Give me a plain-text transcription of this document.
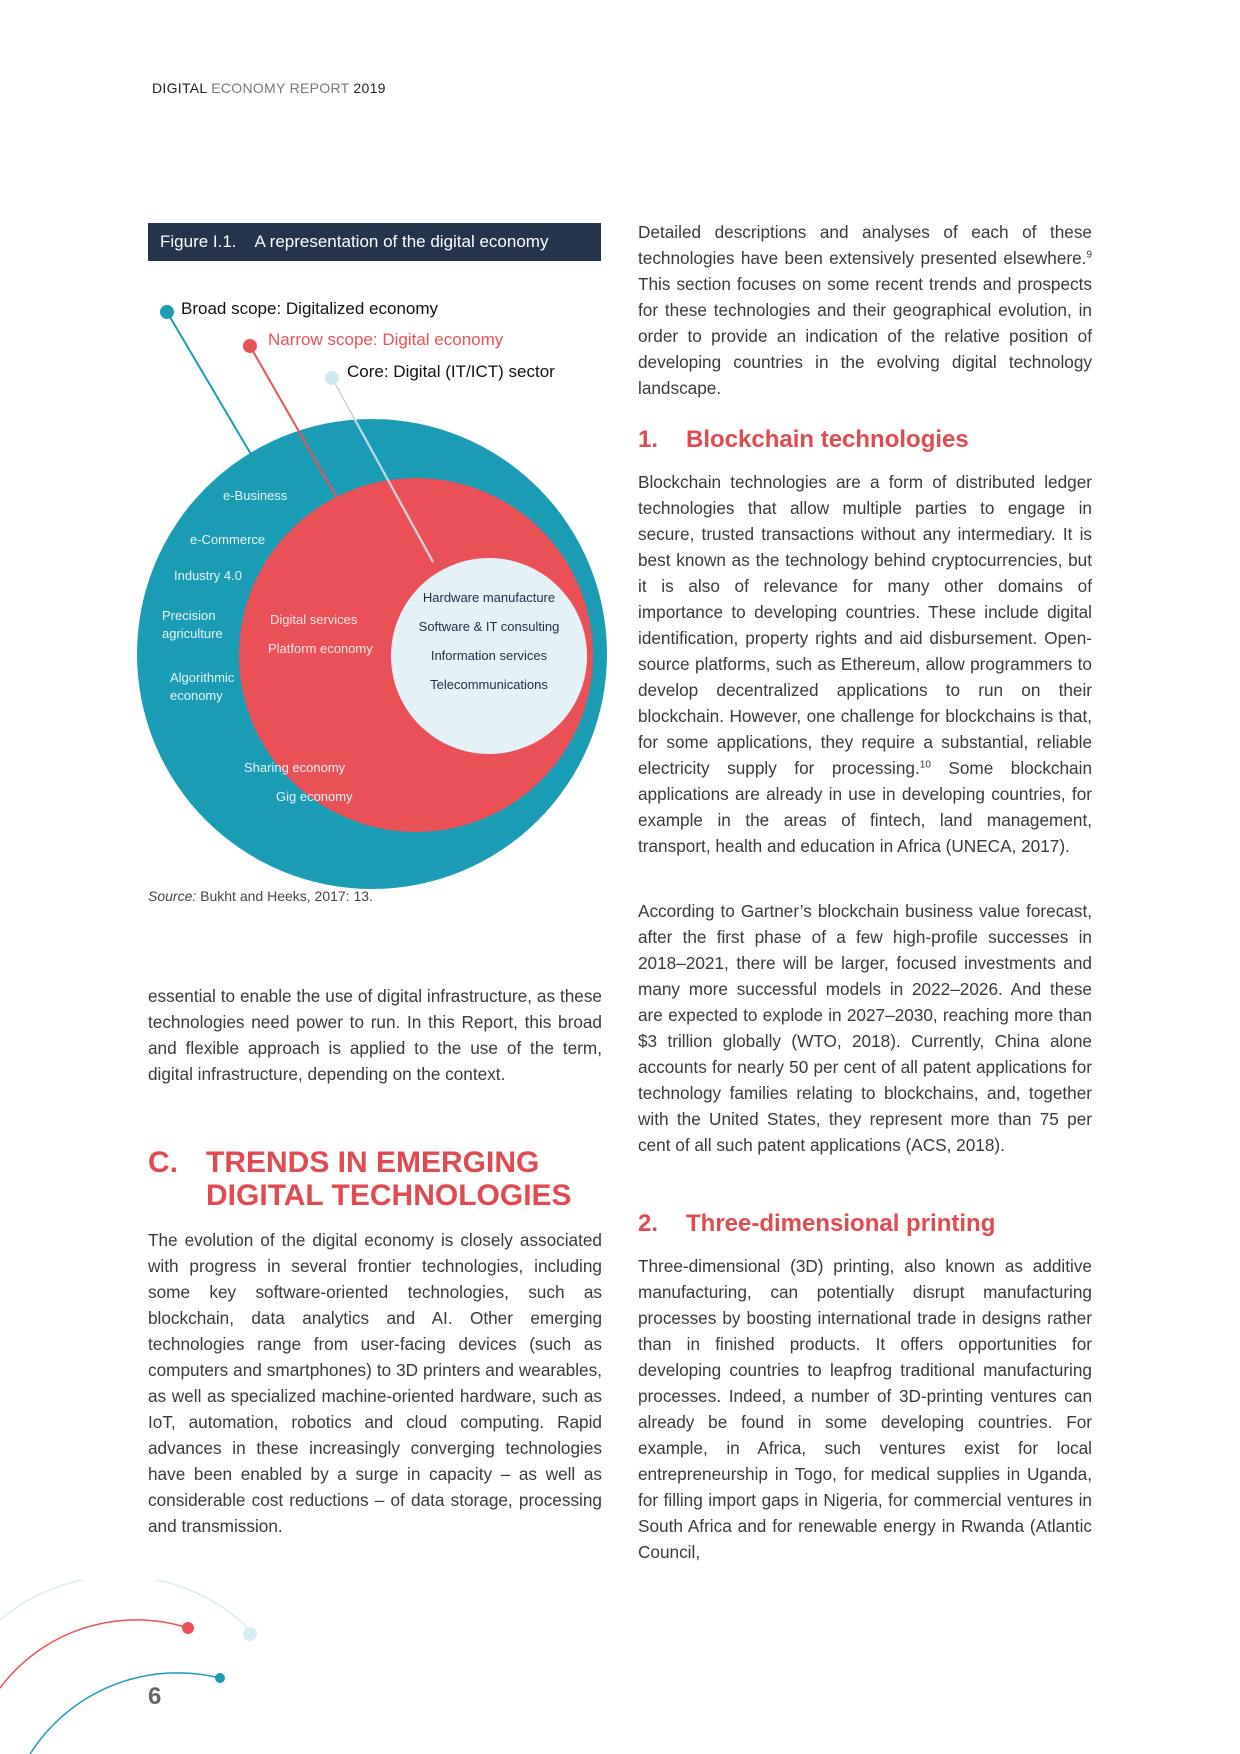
DIGITAL ECONOMY REPORT 2019
Figure I.1. A representation of the digital economy
Broad scope: Digitalized economy
Narrow scope: Digital economy
Core: Digital (IT/ICT) sector
e-Business
e-Commerce
Industry 4.0
Precision
agriculture
Algorithmic
economy
Sharing economy
Gig economy
Digital services
Platform economy
Hardware manufacture
Software & IT consulting
Information services
Telecommunications
Source: Bukht and Heeks, 2017: 13.

essential to enable the use of digital infrastructure, as these technologies need power to run. In this Report, this broad and flexible approach is applied to the use of the term, digital infrastructure, depending on the context.

C. TRENDS IN EMERGING
DIGITAL TECHNOLOGIES

The evolution of the digital economy is closely associated with progress in several frontier technologies, including some key software-oriented technologies, such as blockchain, data analytics and AI. Other emerging technologies range from user-facing devices (such as computers and smartphones) to 3D printers and wearables, as well as specialized machine-oriented hardware, such as IoT, automation, robotics and cloud computing. Rapid advances in these increasingly converging technologies have been enabled by a surge in capacity – as well as considerable cost reductions – of data storage, processing and transmission.

Detailed descriptions and analyses of each of these technologies have been extensively presented elsewhere.$^9$ This section focuses on some recent trends and prospects for these technologies and their geographical evolution, in order to provide an indication of the relative position of developing countries in the evolving digital technology landscape.

1.	Blockchain technologies

Blockchain technologies are a form of distributed ledger technologies that allow multiple parties to engage in secure, trusted transactions without any intermediary. It is best known as the technology behind cryptocurrencies, but it is also of relevance for many other domains of importance to developing countries. These include digital identification, property rights and aid disbursement. Open-source platforms, such as Ethereum, allow programmers to develop decentralized applications to run on their blockchain. However, one challenge for blockchains is that, for some applications, they require a substantial, reliable electricity supply for processing.$^{10}$ Some blockchain applications are already in use in developing countries, for example in the areas of fintech, land management, transport, health and education in Africa (UNECA, 2017).

According to Gartner’s blockchain business value forecast, after the first phase of a few high-profile successes in 2018–2021, there will be larger, focused investments and many more successful models in 2022–2026. And these are expected to explode in 2027–2030, reaching more than $3 trillion globally (WTO, 2018). Currently, China alone accounts for nearly 50 per cent of all patent applications for technology families relating to blockchains, and, together with the United States, they represent more than 75 per cent of all such patent applications (ACS, 2018).

2.	Three-dimensional printing

Three-dimensional (3D) printing, also known as additive manufacturing, can potentially disrupt manufacturing processes by boosting international trade in designs rather than in finished products. It offers opportunities for developing countries to leapfrog traditional manufacturing processes. Indeed, a number of 3D-printing ventures can already be found in some developing countries. For example, in Africa, such ventures exist for local entrepreneurship in Togo, for medical supplies in Uganda, for filling import gaps in Nigeria, for commercial ventures in South Africa and for renewable energy in Rwanda (Atlantic Council,

6
